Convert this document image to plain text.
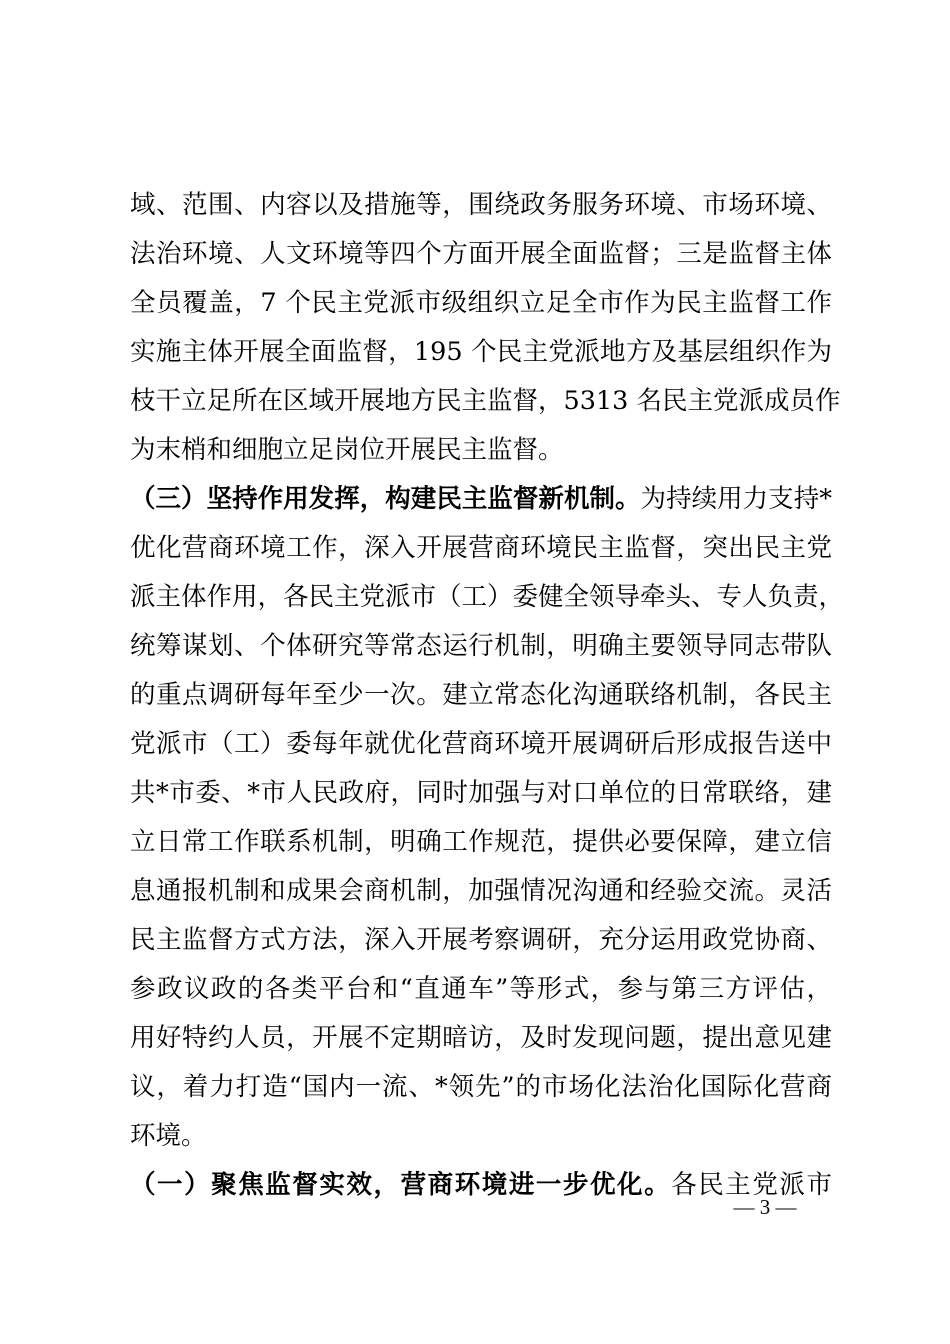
域、范围、内容以及措施等，围绕政务服务环境、市场环境、
法治环境、人文环境等四个方面开展全面监督；三是监督主体
全员覆盖，7 个民主党派市级组织立足全市作为民主监督工作
实施主体开展全面监督，195 个民主党派地方及基层组织作为
枝干立足所在区域开展地方民主监督，5313 名民主党派成员作
为末梢和细胞立足岗位开展民主监督。
（三）坚持作用发挥，构建民主监督新机制。为持续用力支持*
优化营商环境工作，深入开展营商环境民主监督，突出民主党
派主体作用，各民主党派市（工）委健全领导牵头、专人负责，
统筹谋划、个体研究等常态运行机制，明确主要领导同志带队
的重点调研每年至少一次。建立常态化沟通联络机制，各民主
党派市（工）委每年就优化营商环境开展调研后形成报告送中
共*市委、*市人民政府，同时加强与对口单位的日常联络，建
立日常工作联系机制，明确工作规范，提供必要保障，建立信
息通报机制和成果会商机制，加强情况沟通和经验交流。灵活
民主监督方式方法，深入开展考察调研，充分运用政党协商、
参政议政的各类平台和“直通车”等形式，参与第三方评估，
用好特约人员，开展不定期暗访，及时发现问题，提出意见建
议，着力打造“国内一流、*领先”的市场化法治化国际化营商
环境。
（一）聚焦监督实效，营商环境进一步优化。各民主党派市
— 3 —
